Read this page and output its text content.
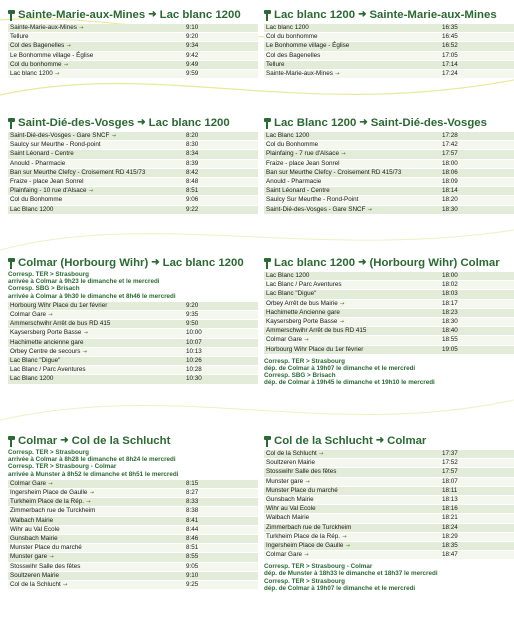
Sainte-Marie-aux-Mines ➜ Lac blanc 1200
Sainte-Marie-aux-Mines ⇢	9:10
Tellure	9:20
Col des Bagenelles ⇢	9:34
Le Bonhomme village - Église	9:42
Col du bonhomme ⇢	9:49
Lac blanc 1200 ⇢	9:59
Lac blanc 1200 ➜ Sainte-Marie-aux-Mines
Lac blanc 1200	16:35
Col du bonhomme	16:45
Le Bonhomme village - Église	16:52
Col des Bagenelles	17:05
Tellure	17:14
Sainte-Marie-aux-Mines ⇢	17:24
Saint-Dié-des-Vosges ➜ Lac blanc 1200
Saint-Dié-des-Vosges - Gare SNCF ⇢	8:20
Saulcy sur Meurthe - Rond-point	8:30
Saint Léonard - Centre	8:34
Anould - Pharmacie	8:39
Ban sur Meurthe Clefcy - Croisement RD 415/73	8:42
Fraize - place Jean Sonrel	8:48
Plainfaing - 10 rue d'Alsace ⇢	8:51
Col du Bonhomme	9:06
Lac Blanc 1200	9:22
Lac Blanc 1200 ➜ Saint-Dié-des-Vosges
Lac Blanc 1200	17:28
Col du Bonhomme	17:42
Plainfaing - 7 rue d'Alsace ⇢	17:57
Fraize - place Jean Sonrel	18:00
Ban sur Meurthe Clefcy - Croisement RD 415/73	18:06
Anould - Pharmacie	18:09
Saint Léonard - Centre	18:14
Saulcy Sur Meurthe - Rond-Point	18:20
Saint-Dié-des-Vosges - Gare SNCF ⇢	18:30
Colmar (Horbourg Wihr) ➜ Lac blanc 1200
Corresp. TER > Strasbourg
arrivée à Colmar à 9h23 le dimanche et le mercredi
Corresp. SBG > Brisach
arrivée à Colmar à 9h30 le dimanche et 8h46 le mercredi
Horbourg Wihr Place du 1er février	9:20
Colmar Gare ⇢	9:35
Ammerschwihr Arrêt de bus RD 415	9:50
Kaysersberg Porte Basse ⇢	10:00
Hachimette ancienne gare	10:07
Orbey Centre de secours ⇢	10:13
Lac Blanc "Digue"	10:26
Lac Blanc / Parc Aventures	10:28
Lac Blanc 1200	10:30
Lac blanc 1200 ➜ (Horbourg Wihr) Colmar
Lac Blanc 1200	18:00
Lac Blanc / Parc Aventures	18:02
Lac Blanc "Digue"	18:03
Orbey Arrêt de bus Mairie ⇢	18:17
Hachimette Ancienne gare	18:23
Kaysersberg Porte Basse ⇢	18:30
Ammerschwihr Arrêt de bus RD 415	18:40
Colmar Gare ⇢	18:55
Horbourg Wihr Place du 1er février	19:05
Corresp. TER > Strasbourg
dép. de Colmar à 19h07 le dimanche et le mercredi
Corresp. SBG > Brisach
dép. de Colmar à 19h45 le dimanche et 19h10 le mercredi
Colmar ➜ Col de la Schlucht
Corresp. TER > Strasbourg
arrivée à Colmar à 8h28 le dimanche et 8h24 le mercredi
Corresp. TER > Strasbourg - Colmar
arrivée à Munster à 8h52 le dimanche et 8h51 le mercredi
Colmar Gare ⇢	8:15
Ingersheim Place de Gaulle ⇢	8:27
Turkheim Place de la Rép. ⇢	8:33
Zimmerbach rue de Turckheim	8:38
Walbach Mairie	8:41
Wihr au Val Ecole	8:44
Gunsbach Mairie	8:46
Munster Place du marché	8:51
Munster gare ⇢	8:55
Stosswihr Salle des fêtes	9:05
Soultzeren Mairie	9:10
Col de la Schlucht ⇢	9:25
Col de la Schlucht ➜ Colmar
Col de la Schlucht ⇢	17:37
Soultzeren Mairie	17:52
Stosswihr Salle des fêtes	17:57
Munster gare ⇢	18:07
Munster Place du marché	18:11
Gunsbach Mairie	18:13
Wihr au Val Ecole	18:16
Walbach Mairie	18:21
Zimmerbach rue de Turckheim	18:24
Turkheim Place de la Rép. ⇢	18:29
Ingersheim Place de Gaulle ⇢	18:35
Colmar Gare ⇢	18:47
Corresp. TER > Strasbourg - Colmar
dép. de Munster à 18h33 le dimanche et 18h37 le mercredi
Corresp. TER > Strasbourg
dép. de Colmar à 19h07 le dimanche et le mercredi
